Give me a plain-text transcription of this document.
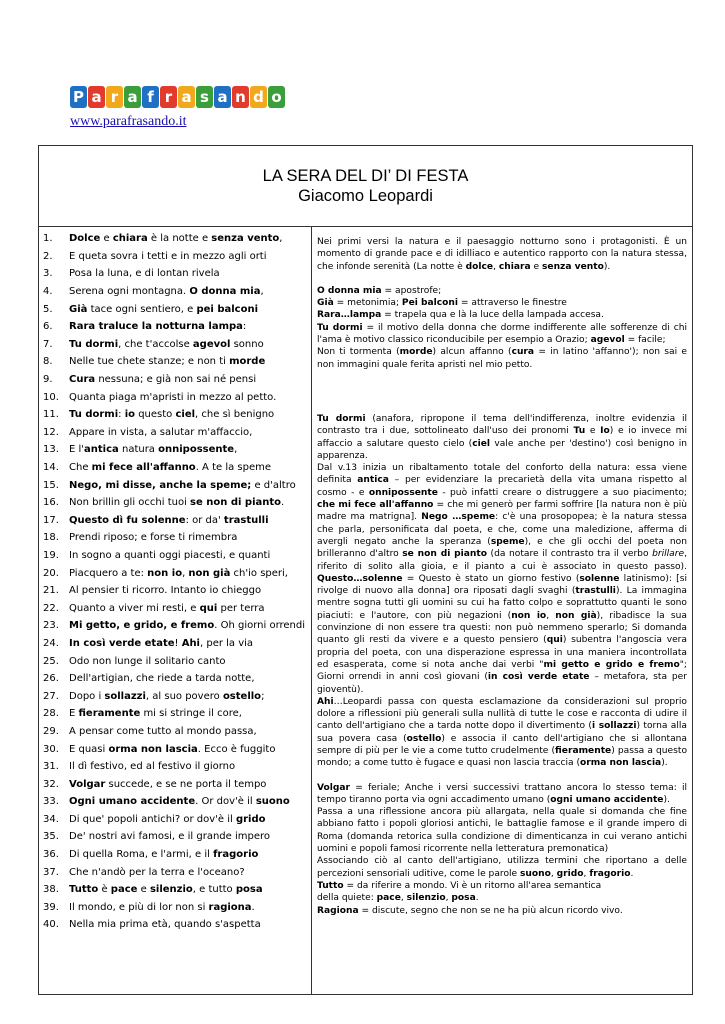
P a r a f r a s a n d o
www.parafrasando.it
LA SERA DEL DI’ DI FESTA
Giacomo Leopardi
1.	Dolce e chiara è la notte e senza vento,
2.	E queta sovra i tetti e in mezzo agli orti
3.	Posa la luna, e di lontan rivela
4.	Serena ogni montagna. O donna mia,
5.	Già tace ogni sentiero, e pei balconi
6.	Rara traluce la notturna lampa:
7.	Tu dormi, che t'accolse agevol sonno
8.	Nelle tue chete stanze; e non ti morde
9.	Cura nessuna; e già non sai né pensi
10.	Quanta piaga m'apristi in mezzo al petto.
11.	Tu dormi: io questo ciel, che sì benigno
12.	Appare in vista, a salutar m'affaccio,
13.	E l'antica natura onnipossente,
14.	Che mi fece all'affanno. A te la speme
15.	Nego, mi disse, anche la speme; e d'altro
16.	Non brillin gli occhi tuoi se non di pianto.
17.	Questo dì fu solenne: or da' trastulli
18.	Prendi riposo; e forse ti rimembra
19.	In sogno a quanti oggi piacesti, e quanti
20.	Piacquero a te: non io, non già ch'io speri,
21.	Al pensier ti ricorro. Intanto io chieggo
22.	Quanto a viver mi resti, e qui per terra
23.	Mi getto, e grido, e fremo. Oh giorni orrendi
24.	In così verde etate! Ahi, per la via
25.	Odo non lunge il solitario canto
26.	Dell'artigian, che riede a tarda notte,
27.	Dopo i sollazzi, al suo povero ostello;
28.	E fieramente mi si stringe il core,
29.	A pensar come tutto al mondo passa,
30.	E quasi orma non lascia. Ecco è fuggito
31.	Il dì festivo, ed al festivo il giorno
32.	Volgar succede, e se ne porta il tempo
33.	Ogni umano accidente. Or dov'è il suono
34.	Di que' popoli antichi? or dov'è il grido
35.	De' nostri avi famosi, e il grande impero
36.	Di quella Roma, e l'armi, e il fragorio
37.	Che n'andò per la terra e l'oceano?
38.	Tutto è pace e silenzio, e tutto posa
39.	Il mondo, e più di lor non si ragiona.
40.	Nella mia prima età, quando s'aspetta

Nei primi versi la natura e il paesaggio notturno sono i protagonisti. È un momento di grande pace e di idilliaco e autentico rapporto con la natura stessa, che infonde serenità (La notte è dolce, chiara e senza vento).

O donna mia = apostrofe;

Già = metonimia; Pei balconi = attraverso le finestre

Rara…lampa = trapela qua e là la luce della lampada accesa.

Tu dormi = il motivo della donna che dorme indifferente alle sofferenze di chi l'ama è motivo classico riconducibile per esempio a Orazio; agevol = facile;

Non ti tormenta (morde) alcun affanno (cura = in latino 'affanno'); non sai e non immagini quale ferita apristi nel mio petto.

Tu dormi (anafora, ripropone il tema dell'indifferenza, inoltre evidenzia il contrasto tra i due, sottolineato dall'uso dei pronomi Tu e Io) e io invece mi affaccio a salutare questo cielo (ciel vale anche per 'destino') così benigno in apparenza.

Dal v.13 inizia un ribaltamento totale del conforto della natura: essa viene definita antica – per evidenziare la precarietà della vita umana rispetto al cosmo - e onnipossente - può infatti creare o distruggere a suo piacimento; che mi fece all'affanno = che mi generò per farmi soffrire [la natura non è più madre ma matrigna]. Nego …speme: c'è una prosopopea; è la natura stessa che parla, personificata dal poeta, e che, come una maledizione, afferma di avergli negato anche la speranza (speme), e che gli occhi del poeta non brilleranno d'altro se non di pianto (da notare il contrasto tra il verbo brillare, riferito di solito alla gioia, e il pianto a cui è associato in questo passo). Questo…solenne = Questo è stato un giorno festivo (solenne latinismo): [si rivolge di nuovo alla donna] ora riposati dagli svaghi (trastulli). La immagina mentre sogna tutti gli uomini su cui ha fatto colpo e soprattutto quanti le sono piaciuti: e l'autore, con più negazioni (non io, non già), ribadisce la sua convinzione di non essere tra questi: non può nemmeno sperarlo; Si domanda quanto gli resti da vivere e a questo pensiero (qui) subentra l'angoscia vera propria del poeta, con una disperazione espressa in una maniera incontrollata ed esasperata, come si nota anche dai verbi "mi getto e grido e fremo"; Giorni orrendi in anni così giovani (in così verde etate – metafora, sta per gioventù).

Ahi…Leopardi passa con questa esclamazione da considerazioni sul proprio dolore a riflessioni più generali sulla nullità di tutte le cose e racconta di udire il canto dell'artigiano che a tarda notte dopo il divertimento (i sollazzi) torna alla sua povera casa (ostello) e associa il canto dell'artigiano che si allontana sempre di più per le vie a come tutto crudelmente (fieramente) passa a questo mondo; a come tutto è fugace e quasi non lascia traccia (orma non lascia).

Volgar = feriale; Anche i versi successivi trattano ancora lo stesso tema: il tempo tiranno porta via ogni accadimento umano (ogni umano accidente).

Passa a una riflessione ancora più allargata, nella quale si domanda che fine abbiano fatto i popoli gloriosi antichi, le battaglie famose e il grande impero di Roma (domanda retorica sulla condizione di dimenticanza in cui verano antichi uomini e popoli famosi ricorrente nella letteratura premonatica)

Associando ciò al canto dell'artigiano, utilizza termini che riportano a delle percezioni sensoriali uditive, come le parole suono, grido, fragorio.

Tutto = da riferire a mondo. Vi è un ritorno all'area semantica

della quiete: pace, silenzio, posa.

Ragiona = discute, segno che non se ne ha più alcun ricordo vivo.
